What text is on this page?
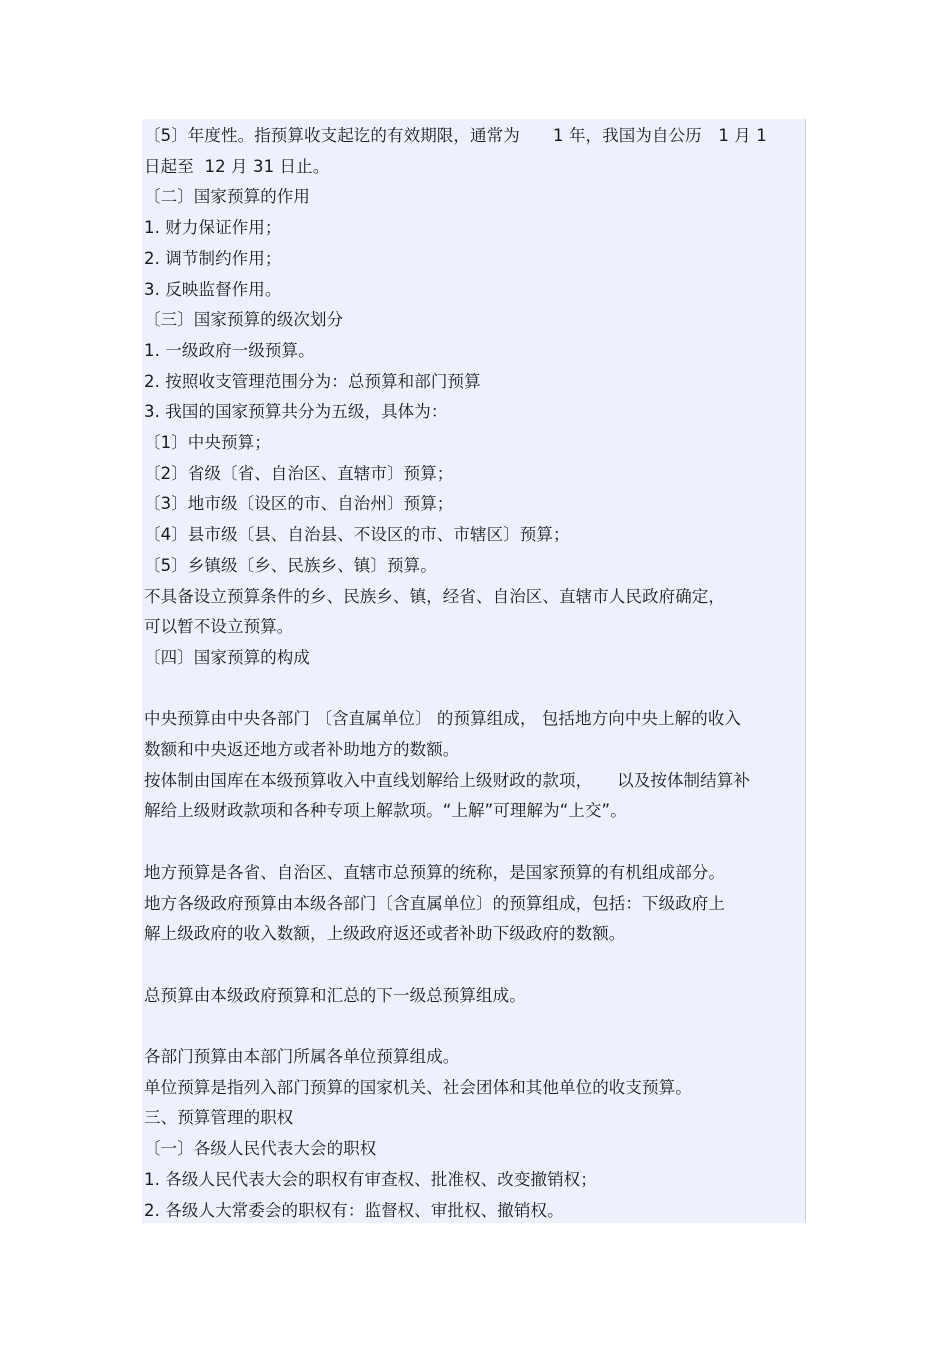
〔5〕年度性。指预算收支起讫的有效期限，通常为　　1 年，我国为自公历　1 月 1
日起至  12 月 31 日止。
〔二〕国家预算的作用
1. 财力保证作用；
2. 调节制约作用；
3. 反映监督作用。
〔三〕国家预算的级次划分
1. 一级政府一级预算。
2. 按照收支管理范围分为：总预算和部门预算
3. 我国的国家预算共分为五级，具体为：
〔1〕中央预算；
〔2〕省级〔省、自治区、直辖市〕预算；
〔3〕地市级〔设区的市、自治州〕预算；
〔4〕县市级〔县、自治县、不设区的市、市辖区〕预算；
〔5〕乡镇级〔乡、民族乡、镇〕预算。
不具备设立预算条件的乡、民族乡、镇，经省、自治区、直辖市人民政府确定，
可以暂不设立预算。
〔四〕国家预算的构成
中央预算由中央各部门 〔含直属单位〕 的预算组成， 包括地方向中央上解的收入
数额和中央返还地方或者补助地方的数额。
按体制由国库在本级预算收入中直线划解给上级财政的款项，　　以及按体制结算补
解给上级财政款项和各种专项上解款项。“上解”可理解为“上交”。
地方预算是各省、自治区、直辖市总预算的统称，是国家预算的有机组成部分。
地方各级政府预算由本级各部门〔含直属单位〕的预算组成，包括：下级政府上
解上级政府的收入数额，上级政府返还或者补助下级政府的数额。
总预算由本级政府预算和汇总的下一级总预算组成。
各部门预算由本部门所属各单位预算组成。
单位预算是指列入部门预算的国家机关、社会团体和其他单位的收支预算。
三、预算管理的职权
〔一〕各级人民代表大会的职权
1. 各级人民代表大会的职权有审查权、批准权、改变撤销权；
2. 各级人大常委会的职权有：监督权、审批权、撤销权。
